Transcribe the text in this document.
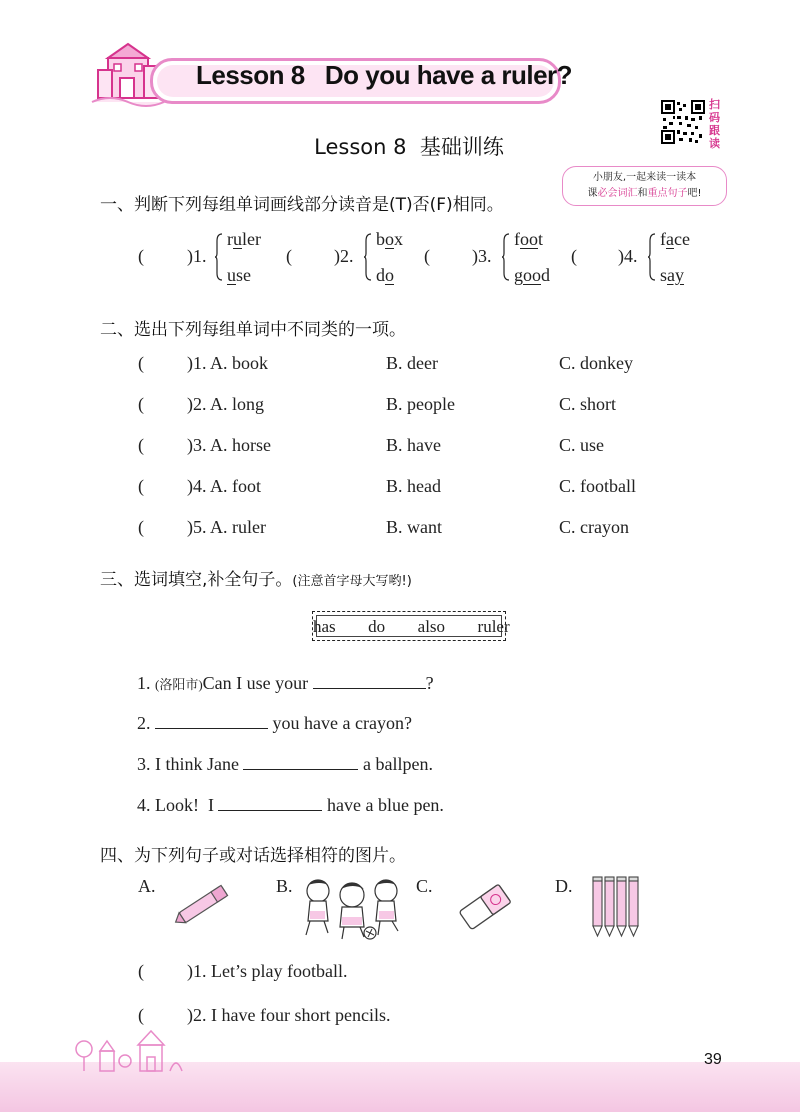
Lesson 8   Do you have a ruler?
扫码跟读
小朋友,一起来读一读本
课必会词汇和重点句子吧!
Lesson 8  基础训练
一、判断下列每组单词画线部分读音是(T)否(F)相同。
( )1.
ruler
use
( )2.
box
do
( )3.
foot
good
( )4.
face
say
二、选出下列每组单词中不同类的一项。
( )1. A. book	B. deer	C. donkey
( )2. A. long	B. people	C. short
( )3. A. horse	B. have	C. use
( )4. A. foot	B. head	C. football
( )5. A. ruler	B. want	C. crayon
三、选词填空,补全句子。(注意首字母大写哟!)
has  do  also  ruler
1. (洛阳市)Can I use your	?
2.	you have a crayon?
3. I think Jane	a ballpen.
4. Look!  I	have a blue pen.
四、为下列句子或对话选择相符的图片。
A.	B.	C.	D.
( )1. Let’s play football.
( )2. I have four short pencils.
39
